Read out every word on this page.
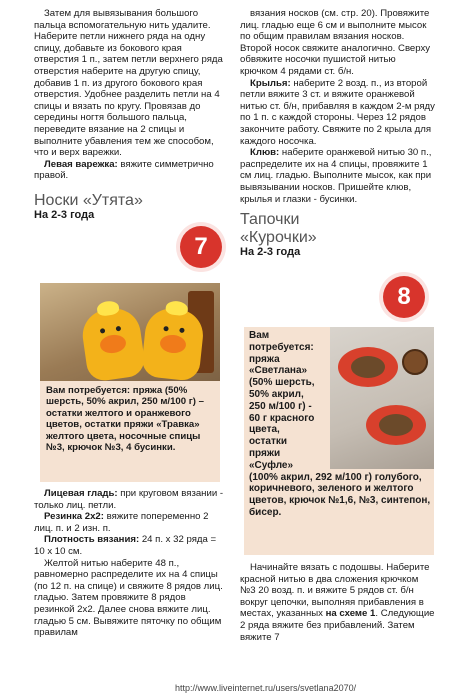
Затем для вывязывания большого пальца вспомогательную нить удалите. Наберите петли нижнего ряда на одну спицу, добавьте из бокового края отверстия 1 п., затем петли верхнего ряда отверстия наберите на другую спицу, добавив 1 п. из другого бокового края отверстия. Удобнее разделить петли на 4 спицы и вязать по кругу. Провязав до середины ногтя большого пальца, переведите вязание на 2 спицы и выполните убавления тем же способом, что и верх варежки.

Левая варежка: вяжите симметрично правой.

Носки «Утята»

На 2-3 года

7
Вам потребуется: пряжа (50% шерсть, 50% акрил, 250 м/100 г) – остатки желтого и оранжевого цветов, остатки пряжи «Травка» желтого цвета, носочные спицы №3, крючок №3, 4 бусинки.

Лицевая гладь: при круговом вязании - только лиц. петли.

Резинка 2х2: вяжите попеременно 2 лиц. п. и 2 изн. п.

Плотность вязания: 24 п. x 32 ряда = 10 x 10 см.

Желтой нитью наберите 48 п., равномерно распределите их на 4 спицы (по 12 п. на спице) и свяжите 8 рядов лиц. гладью. Затем провяжите 8 рядов резинкой 2х2. Далее снова вяжите лиц. гладью 5 см. Вывяжите пяточку по общим правилам

вязания носков (см. стр. 20). Провяжите лиц. гладью еще 6 см и выполните мысок по общим правилам вязания носков. Второй носок свяжите аналогично. Сверху обвяжите носочки пушистой нитью крючком 4 рядами ст. б/н.

Крылья: наберите 2 возд. п., из второй петли вяжите 3 ст. и вяжите оранжевой нитью ст. б/н, прибавляя в каждом 2-м ряду по 1 п. с каждой стороны. Через 12 рядов закончите работу. Свяжите по 2 крыла для каждого носочка.

Клюв: наберите оранжевой нитью 30 п., распределите их на 4 спицы, провяжите 1 см лиц. гладью. Выполните мысок, как при вывязывании носков. Пришейте клюв, крылья и глазки - бусинки.

Тапочки

«Курочки»

На 2-3 года

8
Вам
потребуется:
пряжа
«Светлана»
(50% шерсть,
50% акрил,
250 м/100 г) -
60 г красного
цвета,
остатки
пряжи
«Суфле»
(100% акрил, 292 м/100 г) голубого, коричневого, зеленого и желтого цветов, крючок №1,6, №3, синтепон, бисер.

Начинайте вязать с подошвы. Наберите красной нитью в два сложения крючком №3 20 возд. п. и вяжите 5 рядов ст. б/н вокруг цепочки, выполняя прибавления в местах, указанных на схеме 1. Следующие 2 ряда вяжите без прибавлений. Затем вяжите 7

http://www.liveinternet.ru/users/svetlana2070/
